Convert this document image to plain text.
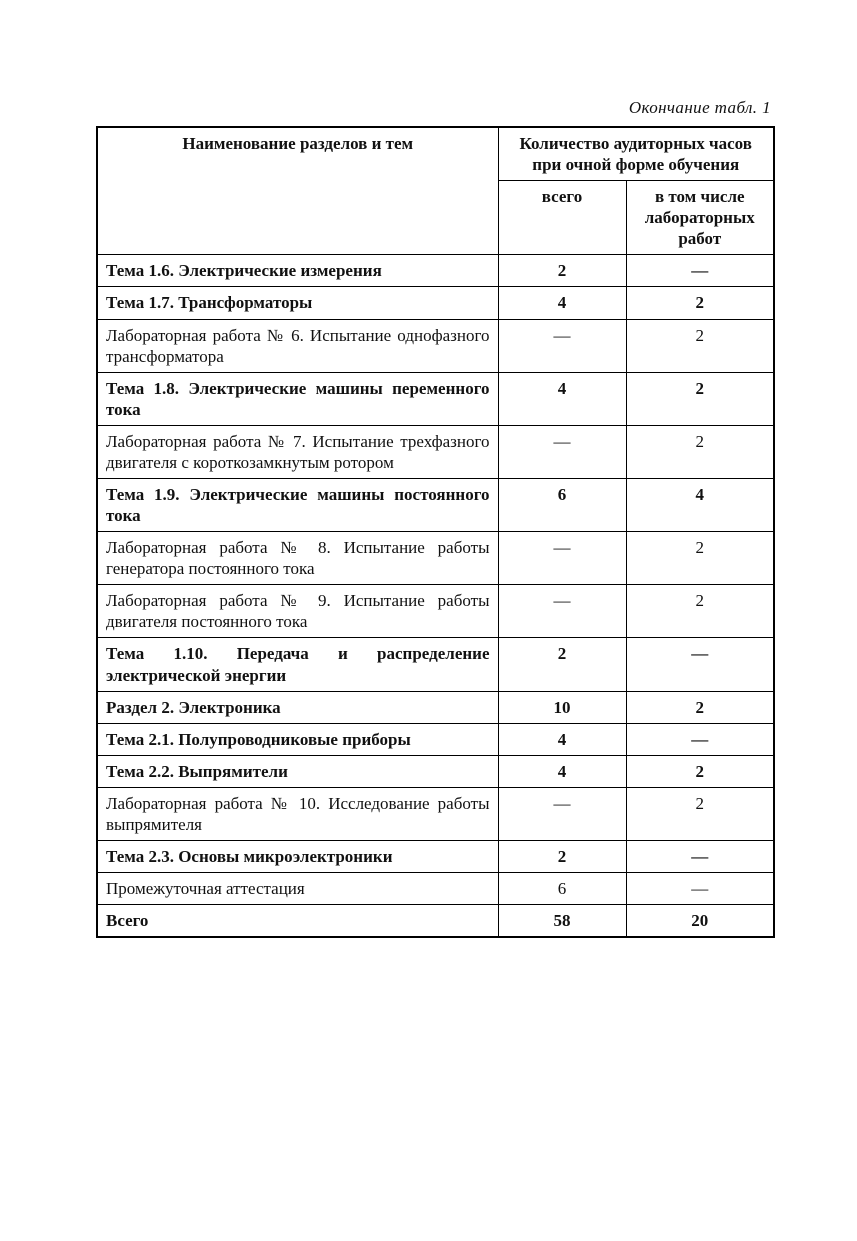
Окончание табл. 1
Наименование разделов и тем	Количество аудиторных часов при очной форме обучения	
	всего	в том числе лабораторных работ
Тема 1.6. Электрические измерения	2	—
Тема 1.7. Трансформаторы	4	2
Лабораторная работа № 6. Испытание однофазного трансформатора	—	2
Тема 1.8. Электрические машины переменного тока	4	2
Лабораторная работа № 7. Испытание трехфазного двигателя с короткозамкнутым ротором	—	2
Тема 1.9. Электрические машины постоянного тока	6	4
Лабораторная работа № 8. Испытание работы генератора постоянного тока	—	2
Лабораторная работа № 9. Испытание работы двигателя постоянного тока	—	2
Тема 1.10. Передача и распределение электрической энергии	2	—
Раздел 2. Электроника	10	2
Тема 2.1. Полупроводниковые приборы	4	—
Тема 2.2. Выпрямители	4	2
Лабораторная работа № 10. Исследование работы выпрямителя	—	2
Тема 2.3. Основы микроэлектроники	2	—
Промежуточная аттестация	6	—
Всего	58	20
